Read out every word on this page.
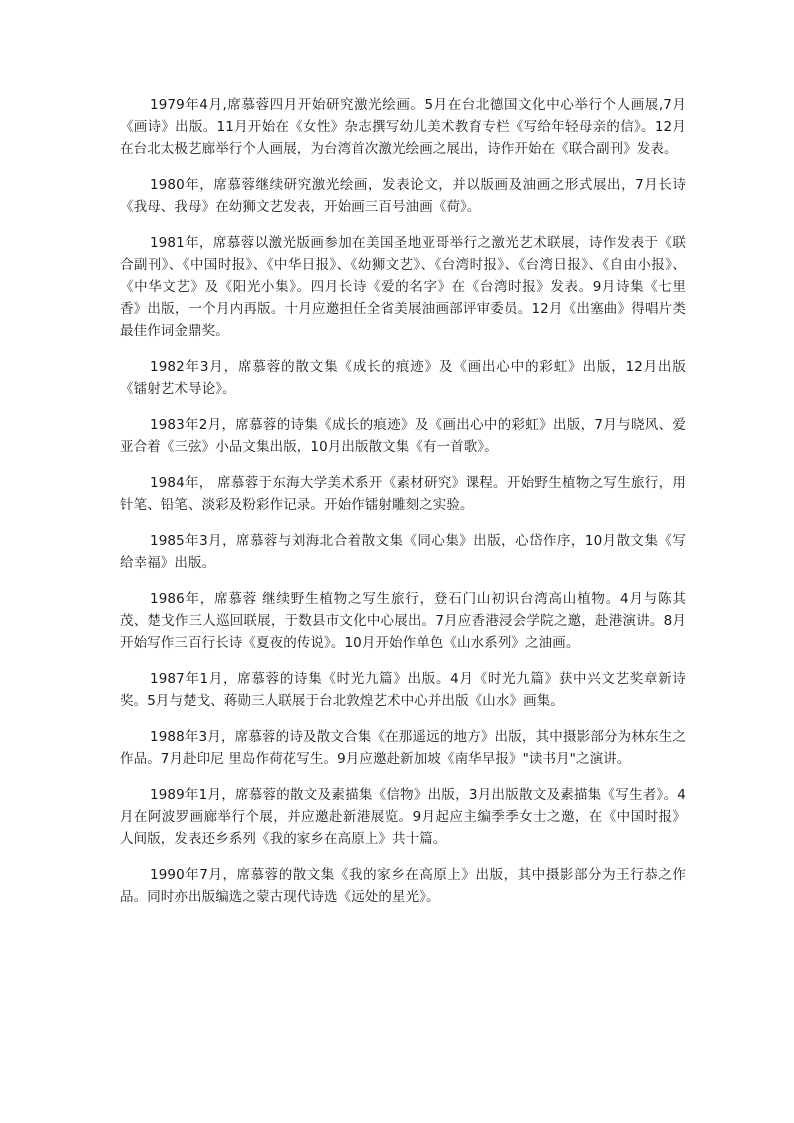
1979年4月,席慕蓉四月开始研究激光绘画。5月在台北德国文化中心举行个人画展,7月《画诗》出版。11月开始在《女性》杂志撰写幼儿美术教育专栏《写给年轻母亲的信》。12月在台北太极艺廊举行个人画展，为台湾首次激光绘画之展出，诗作开始在《联合副刊》发表。

1980年，席慕蓉继续研究激光绘画，发表论文，并以版画及油画之形式展出，7月长诗《我母、我母》在幼狮文艺发表，开始画三百号油画《荷》。

1981年，席慕蓉以激光版画参加在美国圣地亚哥举行之激光艺术联展，诗作发表于《联合副刊》、《中国时报》、《中华日报》、《幼狮文艺》、《台湾时报》、《台湾日报》、《自由小报》、《中华文艺》及《阳光小集》。四月长诗《爱的名字》在《台湾时报》发表。9月诗集《七里香》出版，一个月内再版。十月应邀担任全省美展油画部评审委员。12月《出塞曲》得唱片类最佳作词金鼎奖。

1982年3月，席慕蓉的散文集《成长的痕迹》及《画出心中的彩虹》出版，12月出版《镭射艺术导论》。

1983年2月，席慕蓉的诗集《成长的痕迹》及《画出心中的彩虹》出版，7月与晓风、爱亚合着《三弦》小品文集出版，10月出版散文集《有一首歌》。

1984年， 席慕蓉于东海大学美术系开《素材研究》课程。开始野生植物之写生旅行，用针笔、铅笔、淡彩及粉彩作记录。开始作镭射雕刻之实验。

1985年3月，席慕蓉与刘海北合着散文集《同心集》出版，心岱作序，10月散文集《写给幸福》出版。

1986年，席慕蓉 继续野生植物之写生旅行，登石门山初识台湾高山植物。4月与陈其茂、楚戈作三人巡回联展，于数县市文化中心展出。7月应香港浸会学院之邀，赴港演讲。8月开始写作三百行长诗《夏夜的传说》。10月开始作单色《山水系列》之油画。

1987年1月，席慕蓉的诗集《时光九篇》出版。4月《时光九篇》获中兴文艺奖章新诗奖。5月与楚戈、蒋勋三人联展于台北敦煌艺术中心并出版《山水》画集。

1988年3月，席慕蓉的诗及散文合集《在那遥远的地方》出版，其中摄影部分为林东生之作品。7月赴印尼 里岛作荷花写生。9月应邀赴新加坡《南华早报》"读书月"之演讲。

1989年1月，席慕蓉的散文及素描集《信物》出版，3月出版散文及素描集《写生者》。4月在阿波罗画廊举行个展，并应邀赴新港展览。9月起应主编季季女士之邀，在《中国时报》人间版，发表还乡系列《我的家乡在高原上》共十篇。

1990年7月，席慕蓉的散文集《我的家乡在高原上》出版，其中摄影部分为王行恭之作品。同时亦出版编选之蒙古现代诗选《远处的星光》。
